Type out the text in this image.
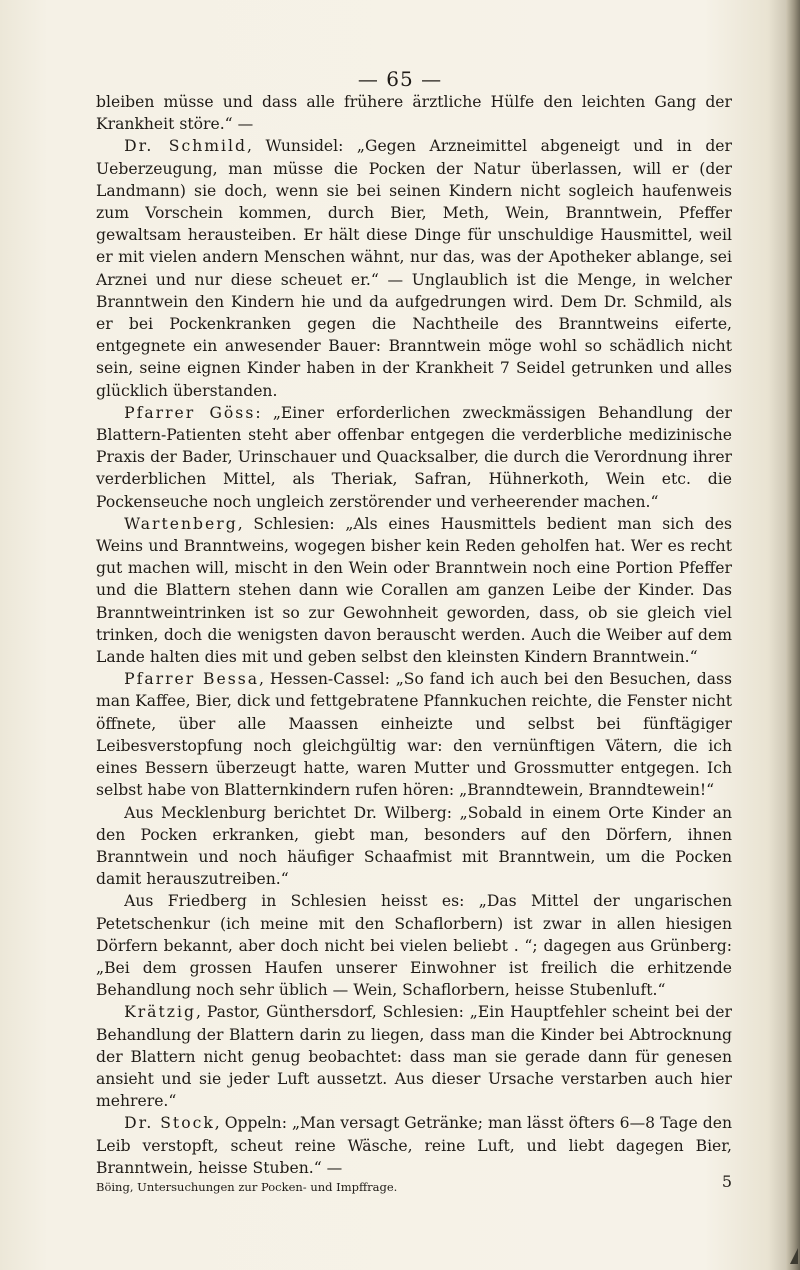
— 65 —

bleiben müsse und dass alle frühere ärztliche Hülfe den leichten Gang der Krankheit störe.“ —

Dr. Schmild, Wunsidel: „Gegen Arzneimittel abgeneigt und in der Ueberzeugung, man müsse die Pocken der Natur überlassen, will er (der Landmann) sie doch, wenn sie bei seinen Kindern nicht sogleich haufenweis zum Vorschein kommen, durch Bier, Meth, Wein, Branntwein, Pfeffer gewaltsam herausteiben. Er hält diese Dinge für unschuldige Hausmittel, weil er mit vielen andern Menschen wähnt, nur das, was der Apotheker ablange, sei Arznei und nur diese scheuet er.“ — Unglaublich ist die Menge, in welcher Branntwein den Kindern hie und da aufgedrungen wird. Dem Dr. Schmild, als er bei Pockenkranken gegen die Nachtheile des Branntweins eiferte, entgegnete ein anwesender Bauer: Branntwein möge wohl so schädlich nicht sein, seine eignen Kinder haben in der Krankheit 7 Seidel getrunken und alles glücklich überstanden.

Pfarrer Göss: „Einer erforderlichen zweckmässigen Behandlung der Blattern-Patienten steht aber offenbar entgegen die verderbliche medizinische Praxis der Bader, Urinschauer und Quacksalber, die durch die Verordnung ihrer verderblichen Mittel, als Theriak, Safran, Hühnerkoth, Wein etc. die Pockenseuche noch ungleich zerstörender und verheerender machen.“

Wartenberg, Schlesien: „Als eines Hausmittels bedient man sich des Weins und Branntweins, wogegen bisher kein Reden geholfen hat. Wer es recht gut machen will, mischt in den Wein oder Branntwein noch eine Portion Pfeffer und die Blattern stehen dann wie Corallen am ganzen Leibe der Kinder. Das Branntweintrinken ist so zur Gewohnheit geworden, dass, ob sie gleich viel trinken, doch die wenigsten davon berauscht werden. Auch die Weiber auf dem Lande halten dies mit und geben selbst den kleinsten Kindern Branntwein.“

Pfarrer Bessa, Hessen-Cassel: „So fand ich auch bei den Besuchen, dass man Kaffee, Bier, dick und fettgebratene Pfannkuchen reichte, die Fenster nicht öffnete, über alle Maassen einheizte und selbst bei fünftägiger Leibesverstopfung noch gleichgültig war: den vernünftigen Vätern, die ich eines Bessern überzeugt hatte, waren Mutter und Grossmutter entgegen. Ich selbst habe von Blatternkindern rufen hören: „Branndtewein, Branndtewein!“

Aus Mecklenburg berichtet Dr. Wilberg: „Sobald in einem Orte Kinder an den Pocken erkranken, giebt man, besonders auf den Dörfern, ihnen Branntwein und noch häufiger Schaafmist mit Branntwein, um die Pocken damit herauszutreiben.“

Aus Friedberg in Schlesien heisst es: „Das Mittel der ungarischen Petetschenkur (ich meine mit den Schaflorbern) ist zwar in allen hiesigen Dörfern bekannt, aber doch nicht bei vielen beliebt . “; dagegen aus Grünberg: „Bei dem grossen Haufen unserer Einwohner ist freilich die erhitzende Behandlung noch sehr üblich — Wein, Schaflorbern, heisse Stubenluft.“

Krätzig, Pastor, Günthersdorf, Schlesien: „Ein Hauptfehler scheint bei der Behandlung der Blattern darin zu liegen, dass man die Kinder bei Abtrocknung der Blattern nicht genug beobachtet: dass man sie gerade dann für genesen ansieht und sie jeder Luft aussetzt. Aus dieser Ursache verstarben auch hier mehrere.“

Dr. Stock, Oppeln: „Man versagt Getränke; man lässt öfters 6—8 Tage den Leib verstopft, scheut reine Wäsche, reine Luft, und liebt dagegen Bier, Branntwein, heisse Stuben.“ —

Böing, Untersuchungen zur Pocken- und Impffrage.	5
